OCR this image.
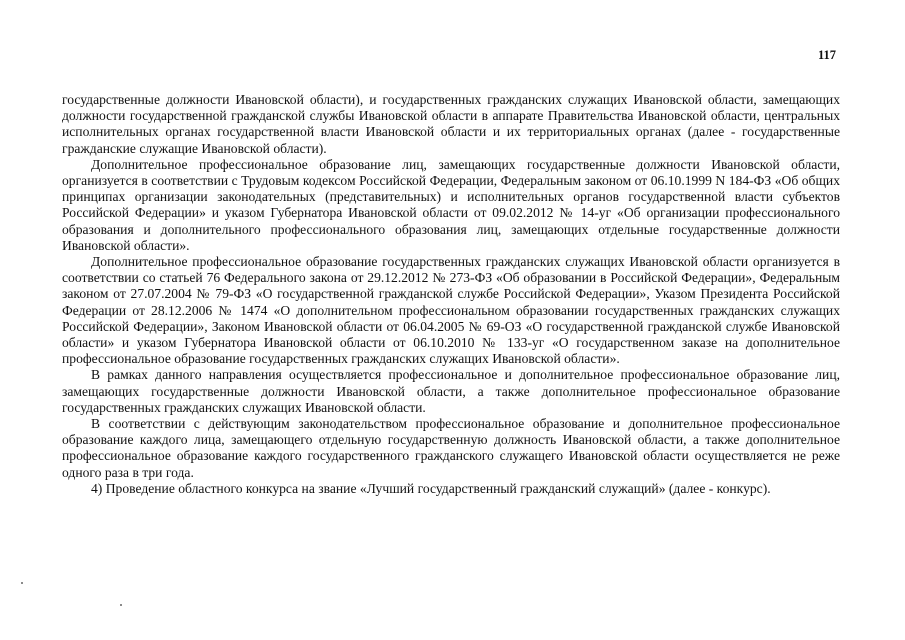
117

государственные должности Ивановской области), и государственных гражданских служащих Ивановской области, замещающих должности государственной гражданской службы Ивановской области в аппарате Правительства Ивановской области, центральных исполнительных органах государственной власти Ивановской области и их территориальных органах (далее - государственные гражданские служащие Ивановской области).

Дополнительное профессиональное образование лиц, замещающих государственные должности Ивановской области, организуется в соответствии с Трудовым кодексом Российской Федерации, Федеральным законом от 06.10.1999 N 184-ФЗ «Об общих принципах организации законодательных (представительных) и исполнительных органов государственной власти субъектов Российской Федерации» и указом Губернатора Ивановской области от 09.02.2012 № 14-уг «Об организации профессионального образования и дополнительного профессионального образования лиц, замещающих отдельные государственные должности Ивановской области».

Дополнительное профессиональное образование государственных гражданских служащих Ивановской области организуется в соответствии со статьей 76 Федерального закона от 29.12.2012 № 273-ФЗ «Об образовании в Российской Федерации», Федеральным законом от 27.07.2004 № 79-ФЗ «О государственной гражданской службе Российской Федерации», Указом Президента Российской Федерации от 28.12.2006 № 1474 «О дополнительном профессиональном образовании государственных гражданских служащих Российской Федерации», Законом Ивановской области от 06.04.2005 № 69-ОЗ «О государственной гражданской службе Ивановской области» и указом Губернатора Ивановской области от 06.10.2010 № 133-уг «О государственном заказе на дополнительное профессиональное образование государственных гражданских служащих Ивановской области».

В рамках данного направления осуществляется профессиональное и дополнительное профессиональное образование лиц, замещающих государственные должности Ивановской области, а также дополнительное профессиональное образование государственных гражданских служащих Ивановской области.

В соответствии с действующим законодательством профессиональное образование и дополнительное профессиональное образование каждого лица, замещающего отдельную государственную должность Ивановской области, а также дополнительное профессиональное образование каждого государственного гражданского служащего Ивановской области осуществляется не реже одного раза в три года.

4) Проведение областного конкурса на звание «Лучший государственный гражданский служащий» (далее - конкурс).
